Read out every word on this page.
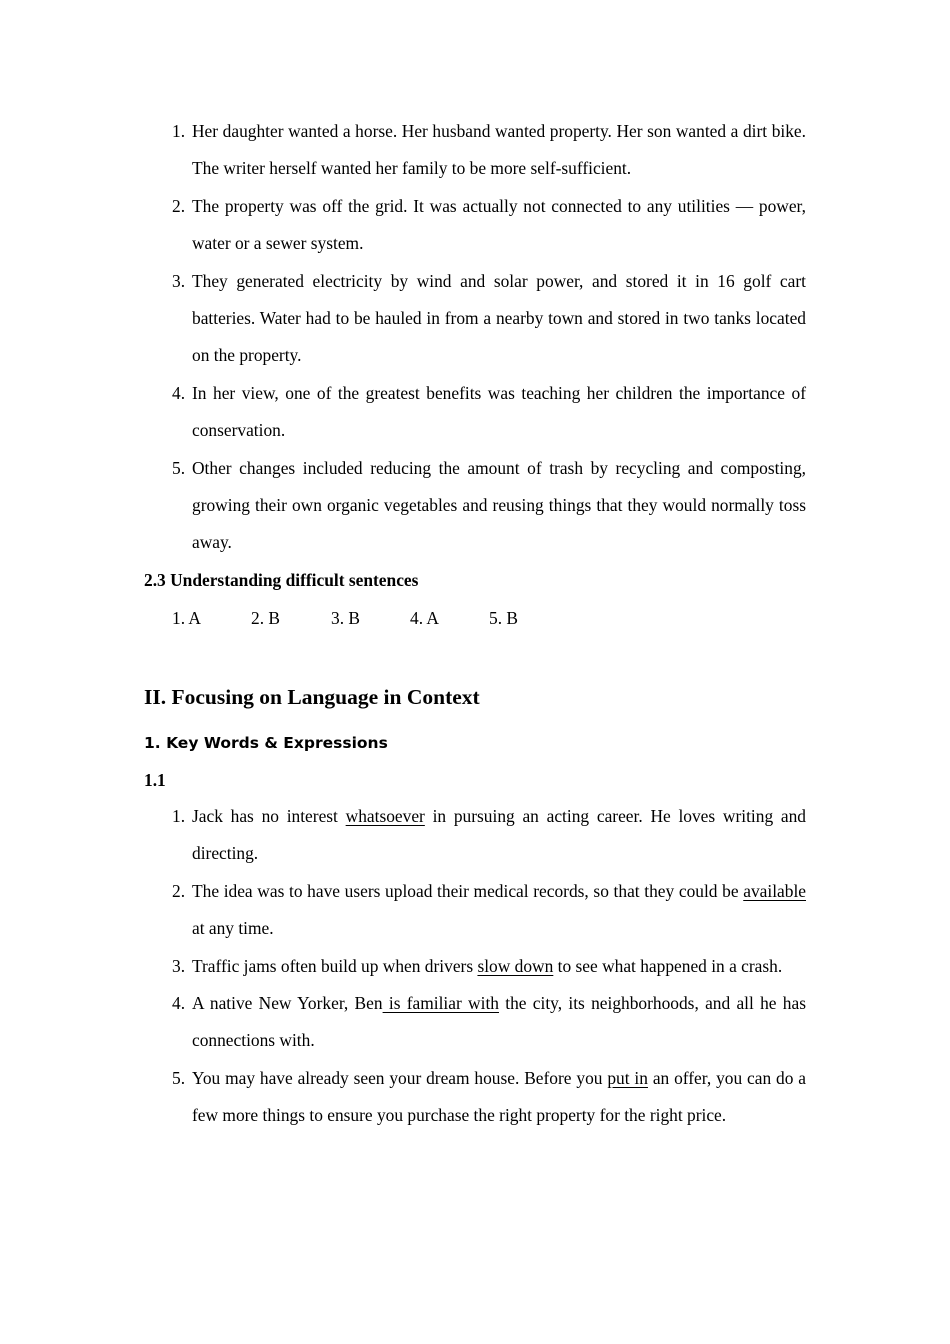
1. Her daughter wanted a horse. Her husband wanted property. Her son wanted a dirt bike. The writer herself wanted her family to be more self-sufficient.
2. The property was off the grid. It was actually not connected to any utilities — power, water or a sewer system.
3. They generated electricity by wind and solar power, and stored it in 16 golf cart batteries. Water had to be hauled in from a nearby town and stored in two tanks located on the property.
4. In her view, one of the greatest benefits was teaching her children the importance of conservation.
5. Other changes included reducing the amount of trash by recycling and composting, growing their own organic vegetables and reusing things that they would normally toss away.
2.3 Understanding difficult sentences
1. A	2. B	3. B	4. A	5. B
II. Focusing on Language in Context
1. Key Words & Expressions
1.1
1. Jack has no interest whatsoever in pursuing an acting career. He loves writing and directing.
2. The idea was to have users upload their medical records, so that they could be available at any time.
3. Traffic jams often build up when drivers slow down to see what happened in a crash.
4. A native New Yorker, Ben is familiar with the city, its neighborhoods, and all he has connections with.
5. You may have already seen your dream house. Before you put in an offer, you can do a few more things to ensure you purchase the right property for the right price.
